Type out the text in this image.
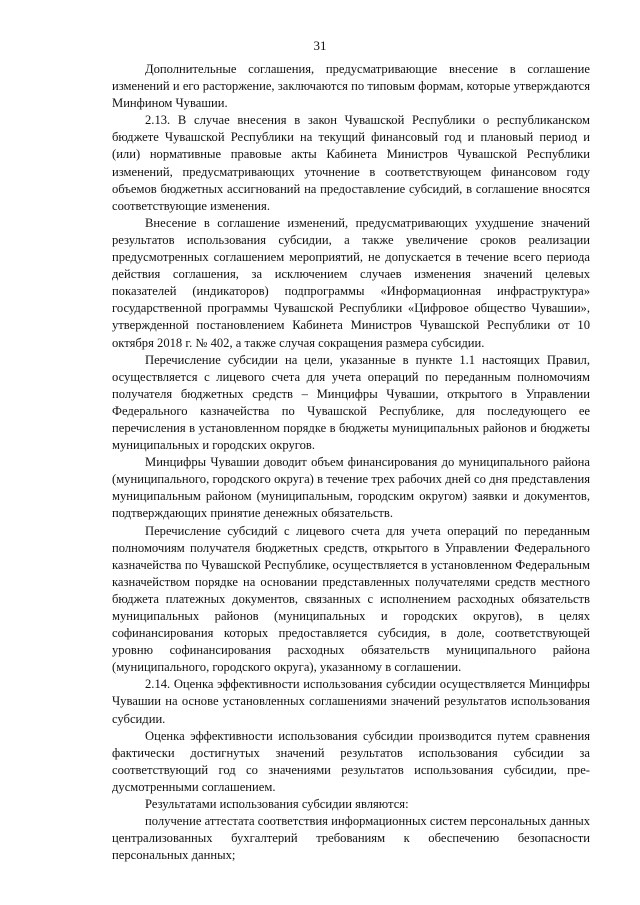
31

Дополнительные соглашения, предусматривающие внесение в соглашение изменений и его расторжение, заключаются по типовым формам, которые утверждаются Минфином Чувашии.

2.13. В случае внесения в закон Чувашской Республики о республиканском бюджете Чувашской Республики на текущий финансовый год и плановый период и (или) нормативные правовые акты Кабинета Министров Чувашской Республики изменений, предусматривающих уточнение в соответствующем финансовом году объемов бюджетных ассигнований на предоставление субсидий, в соглашение вносятся соответствующие изменения.

Внесение в соглашение изменений, предусматривающих ухудшение значений результатов использования субсидии, а также увеличение сроков реализации предусмотренных соглашением мероприятий, не допускается в течение всего периода действия соглашения, за исключением случаев изменения значений целевых показателей (индикаторов) подпрограммы «Информационная инфраструктура» государственной программы Чувашской Республики «Цифровое общество Чувашии», утвержденной постановлением Кабинета Министров Чувашской Республики от 10 октября 2018 г. № 402, а также случая сокращения размера субсидии.

Перечисление субсидии на цели, указанные в пункте 1.1 настоящих Правил, осуществляется с лицевого счета для учета операций по переданным полномочиям получателя бюджетных средств – Минцифры Чувашии, открытого в Управлении Федерального казначейства по Чувашской Республике, для последующего ее перечисления в установленном порядке в бюджеты муниципальных районов и бюджеты муниципальных и городских округов.

Минцифры Чувашии доводит объем финансирования до муниципального района (муниципального, городского округа) в течение трех рабочих дней со дня представления муниципальным районом (муниципальным, городским округом) заявки и документов, подтверждающих принятие денежных обязательств.

Перечисление субсидий с лицевого счета для учета операций по переданным полномочиям получателя бюджетных средств, открытого в Управлении Федерального казначейства по Чувашской Республике, осуществляется в установленном Федеральным казначейством порядке на основании представленных получателями средств местного бюджета платежных документов, связанных с исполнением расходных обязательств муниципальных районов (муниципальных и городских округов), в целях софинансирования которых предоставляется субсидия, в доле, соответствующей уровню софинансирования расходных обязательств муниципального района (муниципального, городского округа), указанному в соглашении.

2.14. Оценка эффективности использования субсидии осуществляется Минцифры Чувашии на основе установленных соглашениями значений результатов использования субсидии.

Оценка эффективности использования субсидии производится путем сравнения фактически достигнутых значений результатов использования субсидии за соответствующий год со значениями результатов использования субсидии, предусмотренными соглашением.

Результатами использования субсидии являются:

получение аттестата соответствия информационных систем персональных данных централизованных бухгалтерий требованиям к обеспечению безопасности персональных данных;
